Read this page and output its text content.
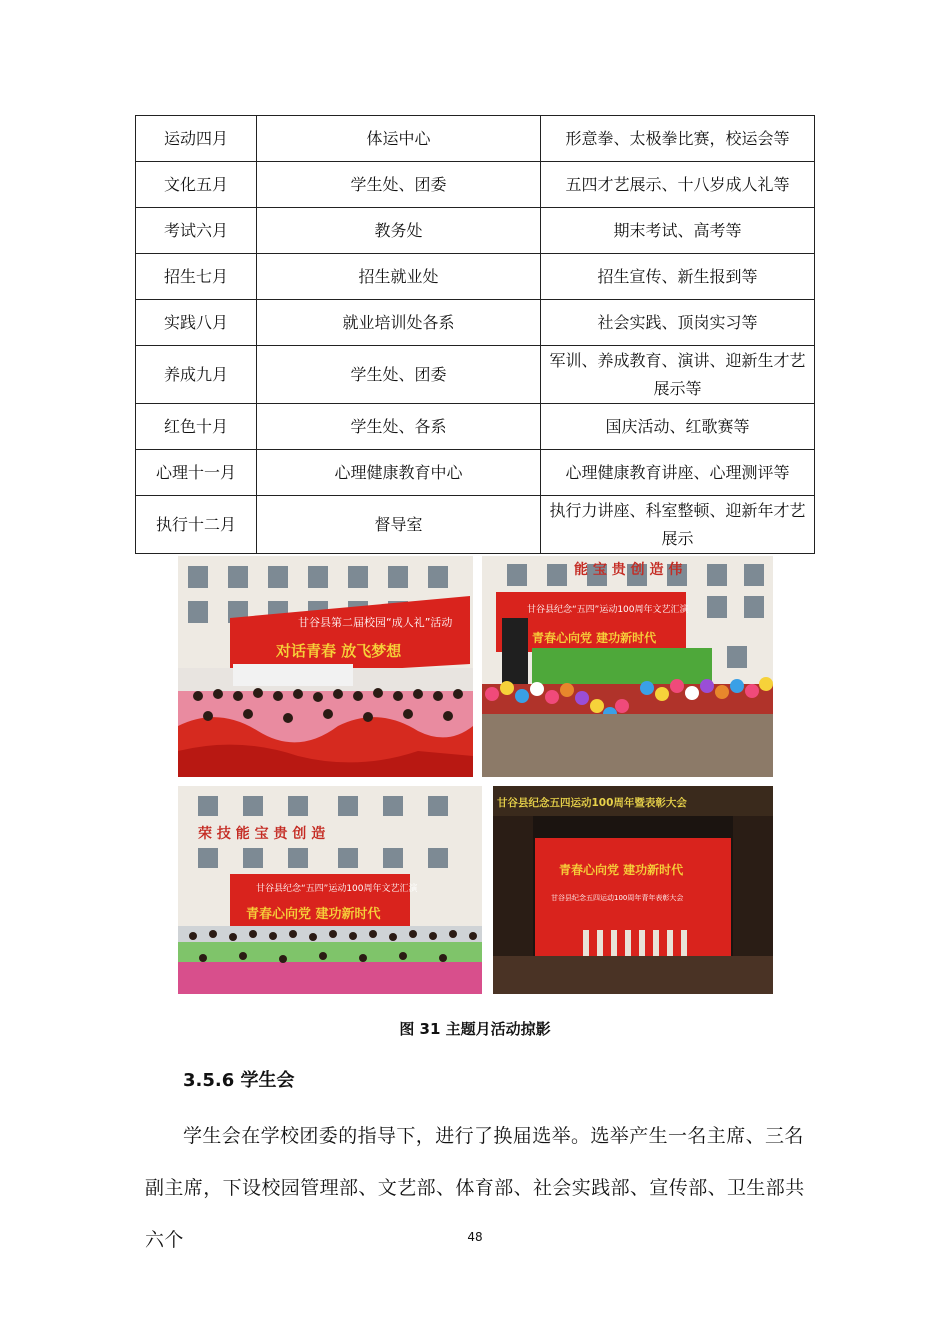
运动四月	体运中心	形意拳、太极拳比赛，校运会等
文化五月	学生处、团委	五四才艺展示、十八岁成人礼等
考试六月	教务处	期末考试、高考等
招生七月	招生就业处	招生宣传、新生报到等
实践八月	就业培训处各系	社会实践、顶岗实习等
养成九月	学生处、团委	军训、养成教育、演讲、迎新生才艺展示等
红色十月	学生处、各系	国庆活动、红歌赛等
心理十一月	心理健康教育中心	心理健康教育讲座、心理测评等
执行十二月	督导室	执行力讲座、科室整顿、迎新年才艺展示
甘谷县第二届校园“成人礼”活动
对话青春 放飞梦想
能 宝 贵 创 造 伟
甘谷县纪念“五四”运动100周年文艺汇演
青春心向党 建功新时代
荣 技 能 宝 贵 创 造
甘谷县纪念“五四”运动100周年文艺汇演
青春心向党 建功新时代
甘谷县纪念五四运动100周年暨表彰大会
青春心向党 建功新时代
甘谷县纪念五四运动100周年青年表彰大会
图 31 主题月活动掠影
3.5.6 学生会
学生会在学校团委的指导下，进行了换届选举。选举产生一名主席、三名副主席，下设校园管理部、文艺部、体育部、社会实践部、宣传部、卫生部共六个	48
